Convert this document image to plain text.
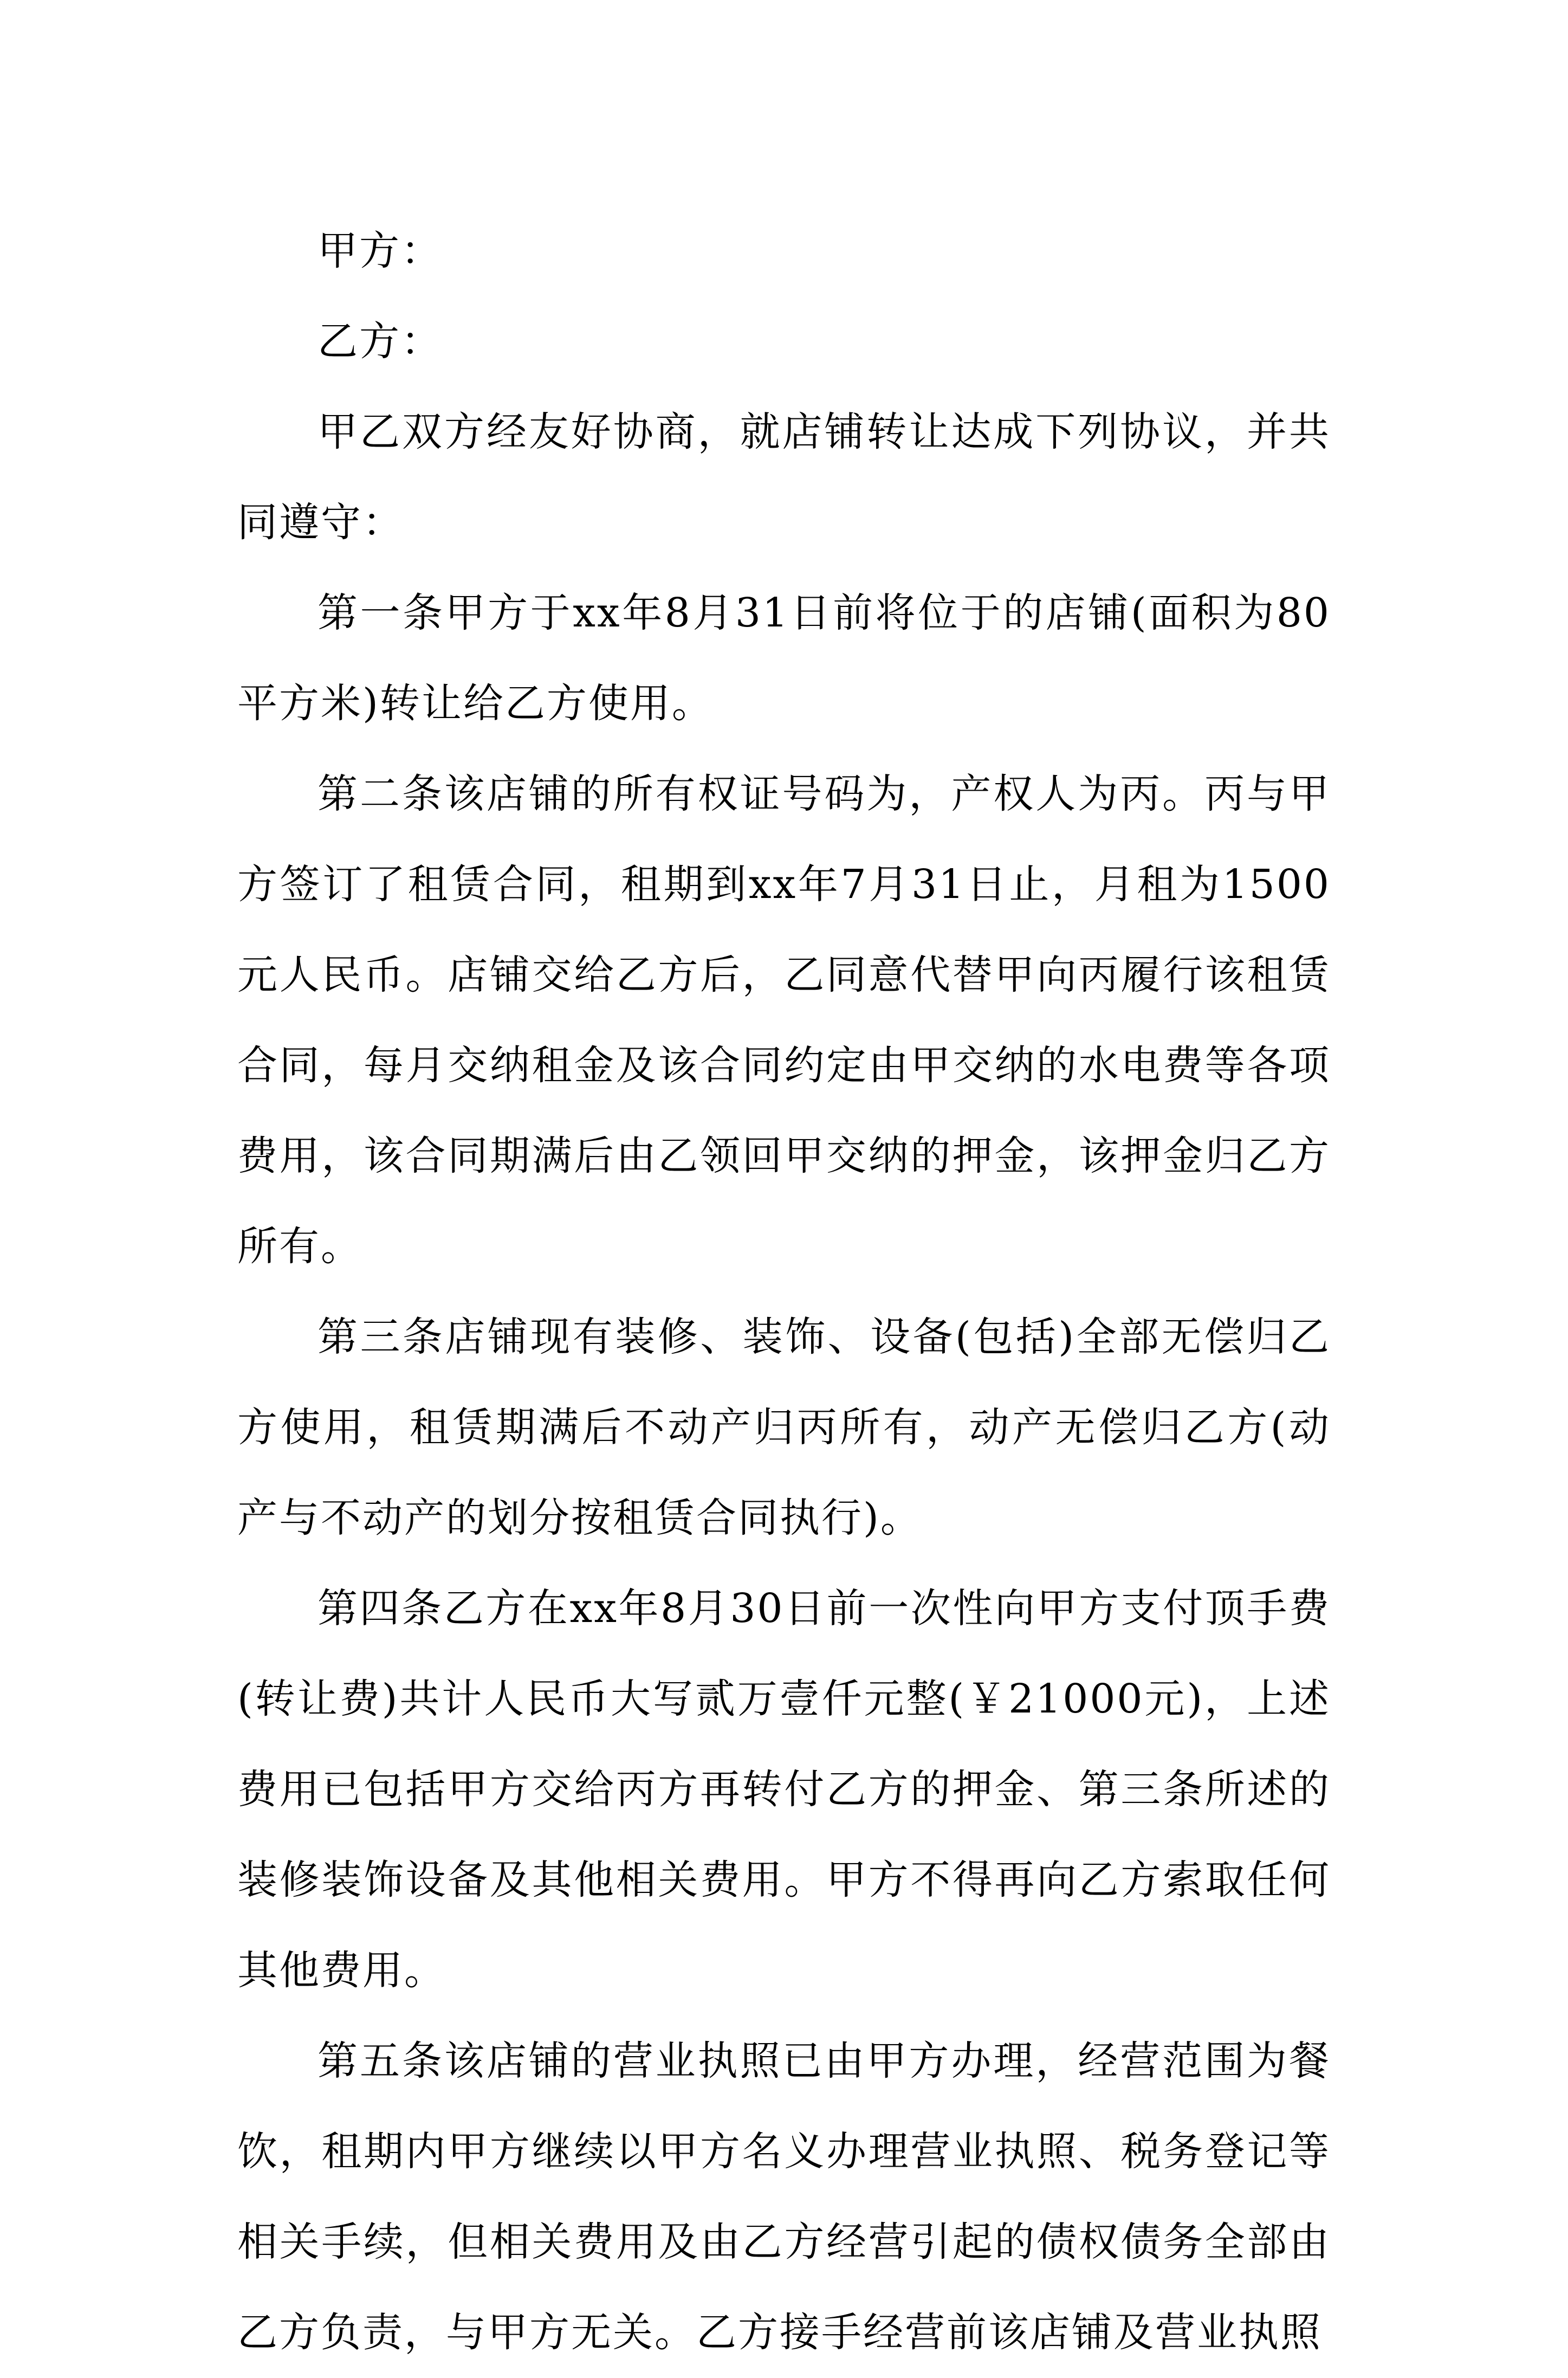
甲方：

乙方：

甲乙双方经友好协商，就店铺转让达成下列协议，并共同遵守：

第一条甲方于xx年8月31日前将位于的店铺(面积为80平方米)转让给乙方使用。

第二条该店铺的所有权证号码为，产权人为丙。丙与甲方签订了租赁合同，租期到xx年7月31日止，月租为1500元人民币。店铺交给乙方后，乙同意代替甲向丙履行该租赁合同，每月交纳租金及该合同约定由甲交纳的水电费等各项费用，该合同期满后由乙领回甲交纳的押金，该押金归乙方所有。

第三条店铺现有装修、装饰、设备(包括)全部无偿归乙方使用，租赁期满后不动产归丙所有，动产无偿归乙方(动产与不动产的划分按租赁合同执行)。

第四条乙方在xx年8月30日前一次性向甲方支付顶手费(转让费)共计人民币大写贰万壹仟元整(￥21000元)，上述费用已包括甲方交给丙方再转付乙方的押金、第三条所述的装修装饰设备及其他相关费用。甲方不得再向乙方索取任何其他费用。

第五条该店铺的营业执照已由甲方办理，经营范围为餐饮，租期内甲方继续以甲方名义办理营业执照、税务登记等相关手续，但相关费用及由乙方经营引起的债权债务全部由乙方负责，与甲方无关。乙方接手经营前该店铺及营业执照
